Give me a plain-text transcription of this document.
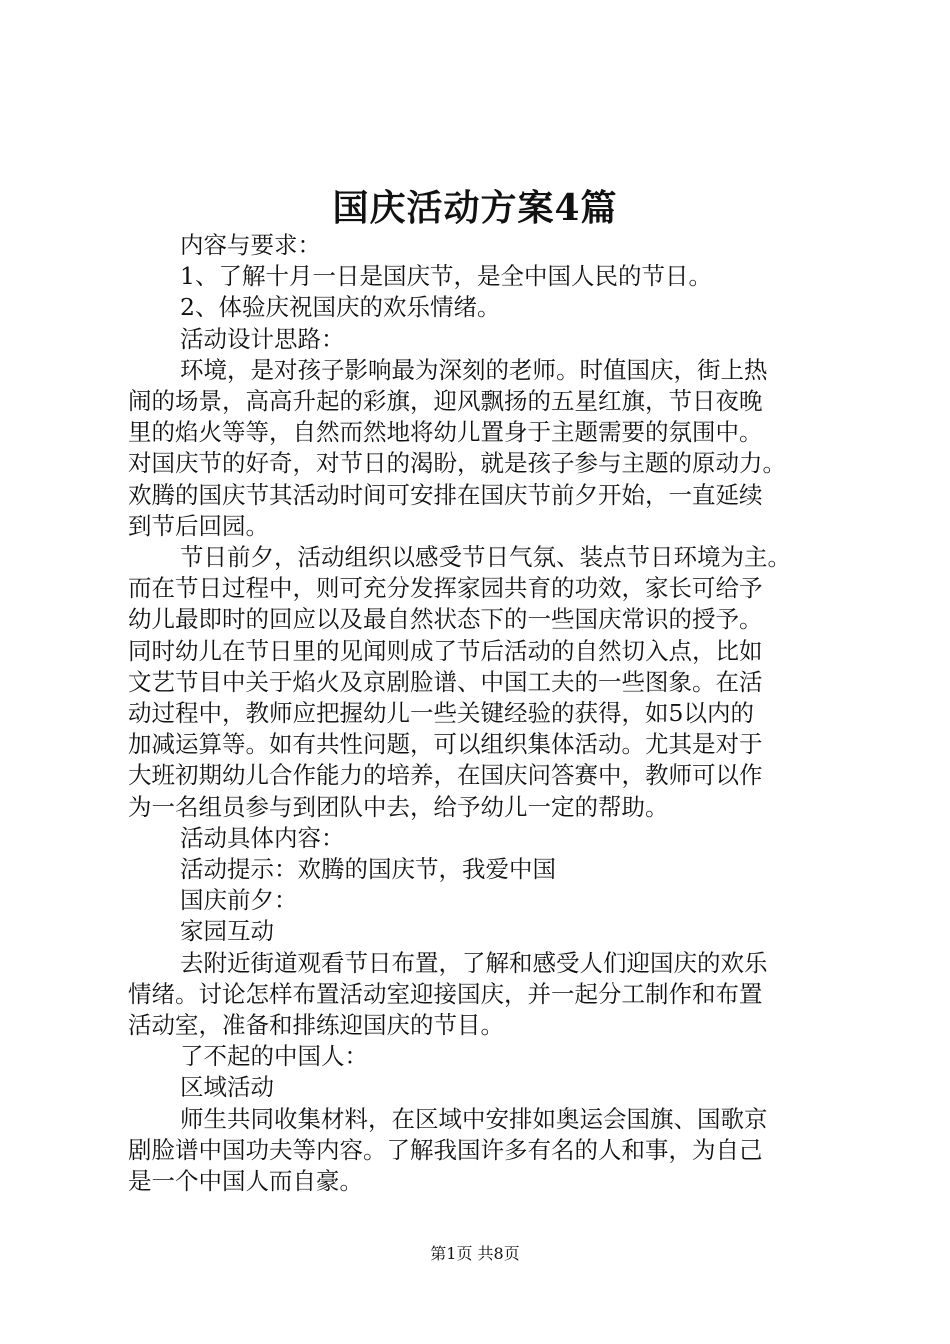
国庆活动方案4篇
内容与要求：
1、了解十月一日是国庆节，是全中国人民的节日。
2、体验庆祝国庆的欢乐情绪。
活动设计思路：
环境，是对孩子影响最为深刻的老师。时值国庆，街上热
闹的场景，高高升起的彩旗，迎风飘扬的五星红旗，节日夜晚
里的焰火等等，自然而然地将幼儿置身于主题需要的氛围中。
对国庆节的好奇，对节日的渴盼，就是孩子参与主题的原动力。
欢腾的国庆节其活动时间可安排在国庆节前夕开始，一直延续
到节后回园。
节日前夕，活动组织以感受节日气氛、装点节日环境为主。
而在节日过程中，则可充分发挥家园共育的功效，家长可给予
幼儿最即时的回应以及最自然状态下的一些国庆常识的授予。
同时幼儿在节日里的见闻则成了节后活动的自然切入点，比如
文艺节目中关于焰火及京剧脸谱、中国工夫的一些图象。在活
动过程中，教师应把握幼儿一些关键经验的获得，如5以内的
加减运算等。如有共性问题，可以组织集体活动。尤其是对于
大班初期幼儿合作能力的培养，在国庆问答赛中，教师可以作
为一名组员参与到团队中去，给予幼儿一定的帮助。
活动具体内容：
活动提示：欢腾的国庆节，我爱中国
国庆前夕：
家园互动
去附近街道观看节日布置，了解和感受人们迎国庆的欢乐
情绪。讨论怎样布置活动室迎接国庆，并一起分工制作和布置
活动室，准备和排练迎国庆的节目。
了不起的中国人：
区域活动
师生共同收集材料，在区域中安排如奥运会国旗、国歌京
剧脸谱中国功夫等内容。了解我国许多有名的人和事，为自己
是一个中国人而自豪。
第1页 共8页
